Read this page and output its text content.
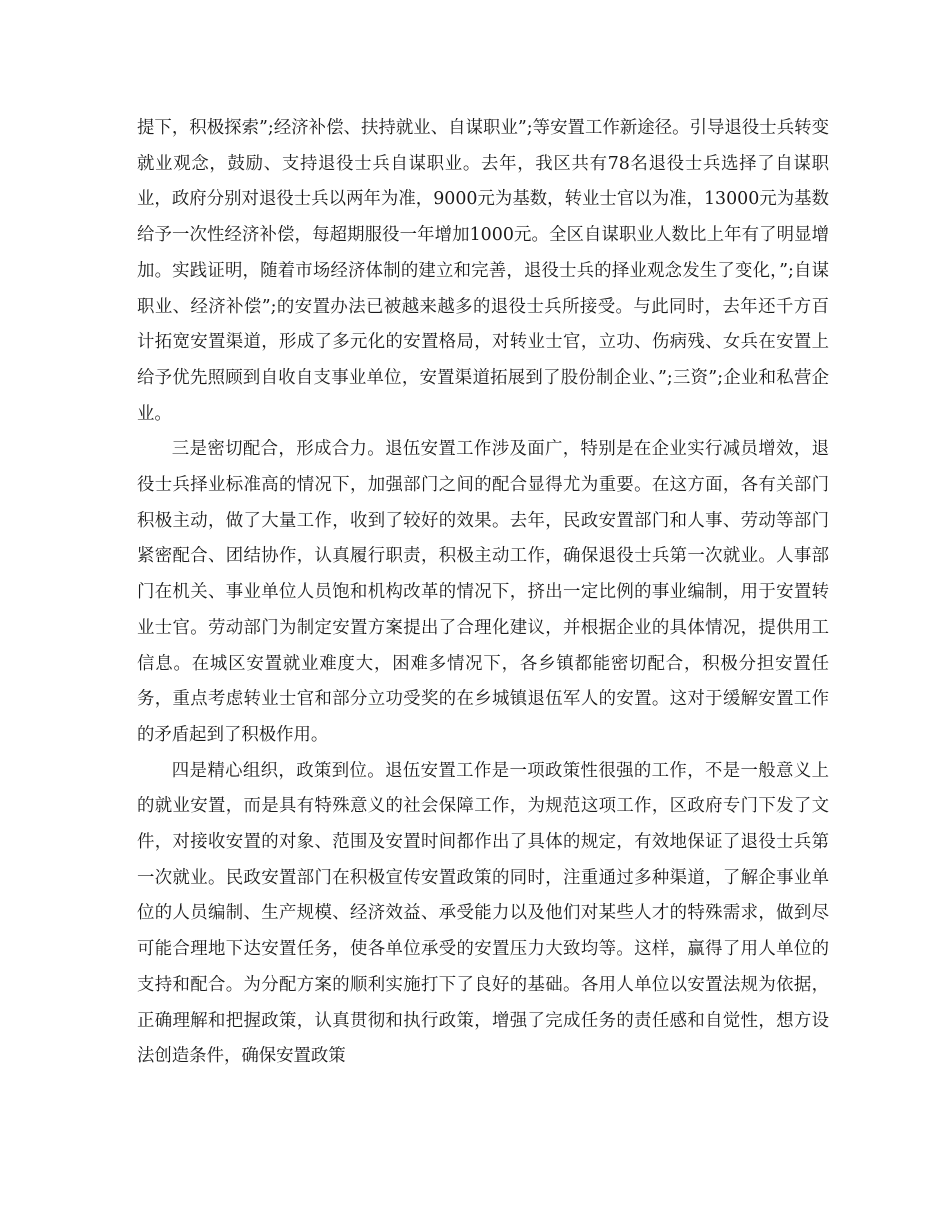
提下，积极探索”;经济补偿、扶持就业、自谋职业”;等安置工作新途径。引导退役士兵转变就业观念，鼓励、支持退役士兵自谋职业。去年，我区共有78名退役士兵选择了自谋职业，政府分别对退役士兵以两年为准，9000元为基数，转业士官以为准，13000元为基数给予一次性经济补偿，每超期服役一年增加1000元。全区自谋职业人数比上年有了明显增加。实践证明，随着市场经济体制的建立和完善，退役士兵的择业观念发生了变化，”;自谋职业、经济补偿”;的安置办法已被越来越多的退役士兵所接受。与此同时，去年还千方百计拓宽安置渠道，形成了多元化的安置格局，对转业士官，立功、伤病残、女兵在安置上给予优先照顾到自收自支事业单位，安置渠道拓展到了股份制企业、”;三资”;企业和私营企业。

三是密切配合，形成合力。退伍安置工作涉及面广，特别是在企业实行减员增效，退役士兵择业标准高的情况下，加强部门之间的配合显得尤为重要。在这方面，各有关部门积极主动，做了大量工作，收到了较好的效果。去年，民政安置部门和人事、劳动等部门紧密配合、团结协作，认真履行职责，积极主动工作，确保退役士兵第一次就业。人事部门在机关、事业单位人员饱和机构改革的情况下，挤出一定比例的事业编制，用于安置转业士官。劳动部门为制定安置方案提出了合理化建议，并根据企业的具体情况，提供用工信息。在城区安置就业难度大，困难多情况下，各乡镇都能密切配合，积极分担安置任务，重点考虑转业士官和部分立功受奖的在乡城镇退伍军人的安置。这对于缓解安置工作的矛盾起到了积极作用。

四是精心组织，政策到位。退伍安置工作是一项政策性很强的工作，不是一般意义上的就业安置，而是具有特殊意义的社会保障工作，为规范这项工作，区政府专门下发了文件，对接收安置的对象、范围及安置时间都作出了具体的规定，有效地保证了退役士兵第一次就业。民政安置部门在积极宣传安置政策的同时，注重通过多种渠道，了解企事业单位的人员编制、生产规模、经济效益、承受能力以及他们对某些人才的特殊需求，做到尽可能合理地下达安置任务，使各单位承受的安置压力大致均等。这样，赢得了用人单位的支持和配合。为分配方案的顺利实施打下了良好的基础。各用人单位以安置法规为依据，正确理解和把握政策，认真贯彻和执行政策，增强了完成任务的责任感和自觉性，想方设法创造条件，确保安置政策
